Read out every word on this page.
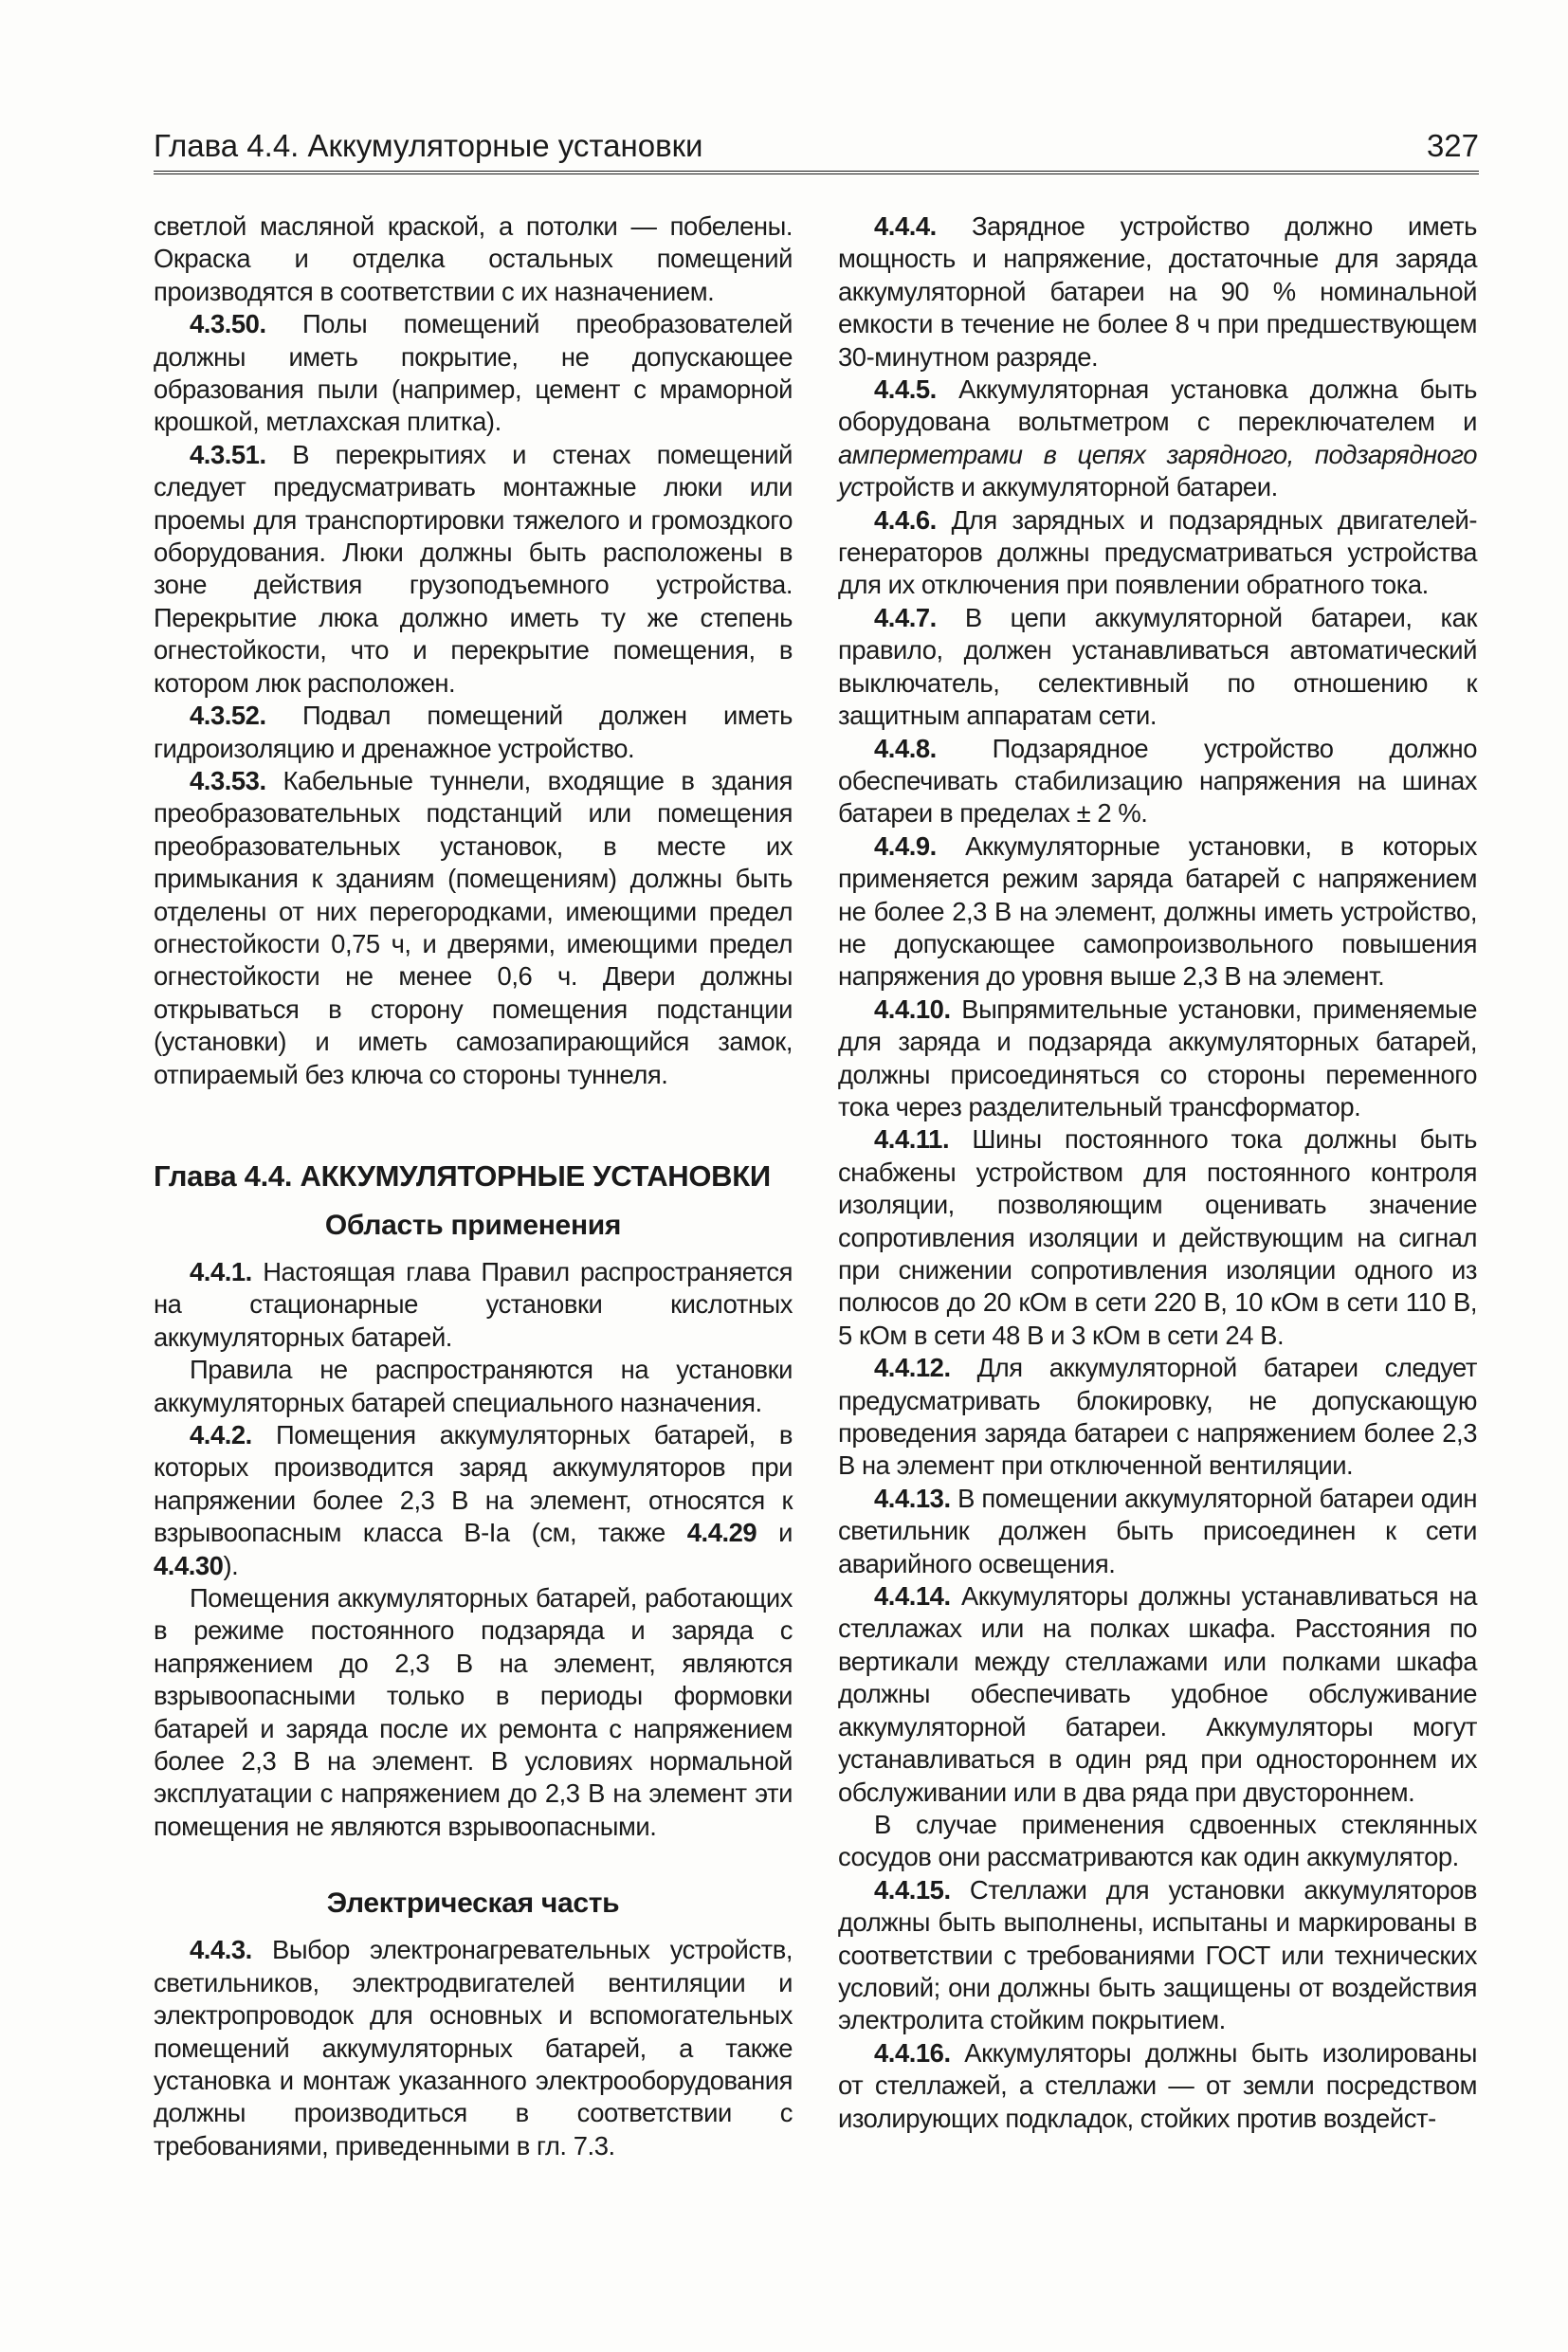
Глава 4.4. Аккумуляторные установки	327

светлой масляной краской, а потолки — побелены. Окраска и отделка остальных помещений производятся в соответствии с их назначением.

4.3.50. Полы помещений преобразователей должны иметь покрытие, не допускающее образования пыли (например, цемент с мраморной крошкой, метлахская плитка).

4.3.51. В перекрытиях и стенах помещений следует предусматривать монтажные люки или проемы для транспортировки тяжелого и громоздкого оборудования. Люки должны быть расположены в зоне действия грузоподъемного устройства. Перекрытие люка должно иметь ту же степень огнестойкости, что и перекрытие помещения, в котором люк расположен.

4.3.52. Подвал помещений должен иметь гидроизоляцию и дренажное устройство.

4.3.53. Кабельные туннели, входящие в здания преобразовательных подстанций или помещения преобразовательных установок, в месте их примыкания к зданиям (помещениям) должны быть отделены от них перегородками, имеющими предел огнестойкости 0,75 ч, и дверями, имеющими предел огнестойкости не менее 0,6 ч. Двери должны открываться в сторону помещения подстанции (установки) и иметь самозапирающийся замок, отпираемый без ключа со стороны туннеля.

Глава 4.4. АККУМУЛЯТОРНЫЕ УСТАНОВКИ
Область применения

4.4.1. Настоящая глава Правил распространяется на стационарные установки кислотных аккумуляторных батарей.

Правила не распространяются на установки аккумуляторных батарей специального назначения.

4.4.2. Помещения аккумуляторных батарей, в которых производится заряд аккумуляторов при напряжении более 2,3 В на элемент, относятся к взрывоопасным класса В-Iа (см, также 4.4.29 и 4.4.30).

Помещения аккумуляторных батарей, работающих в режиме постоянного подзаряда и заряда с напряжением до 2,3 В на элемент, являются взрывоопасными только в периоды формовки батарей и заряда после их ремонта с напряжением более 2,3 В на элемент. В условиях нормальной эксплуатации с напряжением до 2,3 В на элемент эти помещения не являются взрывоопасными.

Электрическая часть

4.4.3. Выбор электронагревательных устройств, светильников, электродвигателей вентиляции и электропроводок для основных и вспомогательных помещений аккумуляторных батарей, а также установка и монтаж указанного электрооборудования должны производиться в соответствии с требованиями, приведенными в гл. 7.3.

4.4.4. Зарядное устройство должно иметь мощность и напряжение, достаточные для заряда аккумуляторной батареи на 90 % номинальной емкости в течение не более 8 ч при предшествующем 30-минутном разряде.

4.4.5. Аккумуляторная установка должна быть оборудована вольтметром с переключателем и амперметрами в цепях зарядного, подзарядного устройств и аккумуляторной батареи.

4.4.6. Для зарядных и подзарядных двигателей-генераторов должны предусматриваться устройства для их отключения при появлении обратного тока.

4.4.7. В цепи аккумуляторной батареи, как правило, должен устанавливаться автоматический выключатель, селективный по отношению к защитным аппаратам сети.

4.4.8. Подзарядное устройство должно обеспечивать стабилизацию напряжения на шинах батареи в пределах ± 2 %.

4.4.9. Аккумуляторные установки, в которых применяется режим заряда батарей с напряжением не более 2,3 В на элемент, должны иметь устройство, не допускающее самопроизвольного повышения напряжения до уровня выше 2,3 В на элемент.

4.4.10. Выпрямительные установки, применяемые для заряда и подзаряда аккумуляторных батарей, должны присоединяться со стороны переменного тока через разделительный трансформатор.

4.4.11. Шины постоянного тока должны быть снабжены устройством для постоянного контроля изоляции, позволяющим оценивать значение сопротивления изоляции и действующим на сигнал при снижении сопротивления изоляции одного из полюсов до 20 кОм в сети 220 В, 10 кОм в сети 110 В, 5 кОм в сети 48 В и 3 кОм в сети 24 В.

4.4.12. Для аккумуляторной батареи следует предусматривать блокировку, не допускающую проведения заряда батареи с напряжением более 2,3 В на элемент при отключенной вентиляции.

4.4.13. В помещении аккумуляторной батареи один светильник должен быть присоединен к сети аварийного освещения.

4.4.14. Аккумуляторы должны устанавливаться на стеллажах или на полках шкафа. Расстояния по вертикали между стеллажами или полками шкафа должны обеспечивать удобное обслуживание аккумуляторной батареи. Аккумуляторы могут устанавливаться в один ряд при одностороннем их обслуживании или в два ряда при двустороннем.

В случае применения сдвоенных стеклянных сосудов они рассматриваются как один аккумулятор.

4.4.15. Стеллажи для установки аккумуляторов должны быть выполнены, испытаны и маркированы в соответствии с требованиями ГОСТ или технических условий; они должны быть защищены от воздействия электролита стойким покрытием.

4.4.16. Аккумуляторы должны быть изолированы от стеллажей, а стеллажи — от земли посредством изолирующих подкладок, стойких против воздейст-
